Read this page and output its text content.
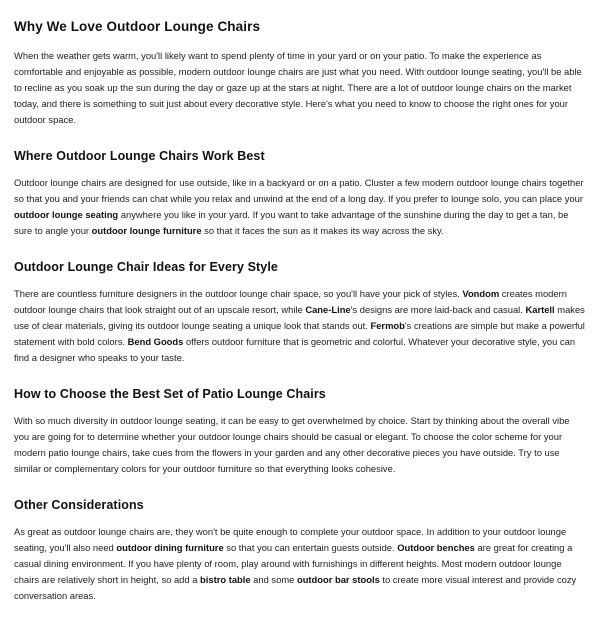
Why We Love Outdoor Lounge Chairs

When the weather gets warm, you'll likely want to spend plenty of time in your yard or on your patio. To make the experience as comfortable and enjoyable as possible, modern outdoor lounge chairs are just what you need. With outdoor lounge seating, you'll be able to recline as you soak up the sun during the day or gaze up at the stars at night. There are a lot of outdoor lounge chairs on the market today, and there is something to suit just about every decorative style. Here's what you need to know to choose the right ones for your outdoor space.

Where Outdoor Lounge Chairs Work Best

Outdoor lounge chairs are designed for use outside, like in a backyard or on a patio. Cluster a few modern outdoor lounge chairs together so that you and your friends can chat while you relax and unwind at the end of a long day. If you prefer to lounge solo, you can place your outdoor lounge seating anywhere you like in your yard. If you want to take advantage of the sunshine during the day to get a tan, be sure to angle your outdoor lounge furniture so that it faces the sun as it makes its way across the sky.

Outdoor Lounge Chair Ideas for Every Style

There are countless furniture designers in the outdoor lounge chair space, so you'll have your pick of styles. Vondom creates modern outdoor lounge chairs that look straight out of an upscale resort, while Cane-Line's designs are more laid-back and casual. Kartell makes use of clear materials, giving its outdoor lounge seating a unique look that stands out. Fermob's creations are simple but make a powerful statement with bold colors. Bend Goods offers outdoor furniture that is geometric and colorful. Whatever your decorative style, you can find a designer who speaks to your taste.

How to Choose the Best Set of Patio Lounge Chairs

With so much diversity in outdoor lounge seating, it can be easy to get overwhelmed by choice. Start by thinking about the overall vibe you are going for to determine whether your outdoor lounge chairs should be casual or elegant. To choose the color scheme for your modern patio lounge chairs, take cues from the flowers in your garden and any other decorative pieces you have outside. Try to use similar or complementary colors for your outdoor furniture so that everything looks cohesive.

Other Considerations

As great as outdoor lounge chairs are, they won't be quite enough to complete your outdoor space. In addition to your outdoor lounge seating, you'll also need outdoor dining furniture so that you can entertain guests outside. Outdoor benches are great for creating a casual dining environment. If you have plenty of room, play around with furnishings in different heights. Most modern outdoor lounge chairs are relatively short in height, so add a bistro table and some outdoor bar stools to create more visual interest and provide cozy conversation areas.
